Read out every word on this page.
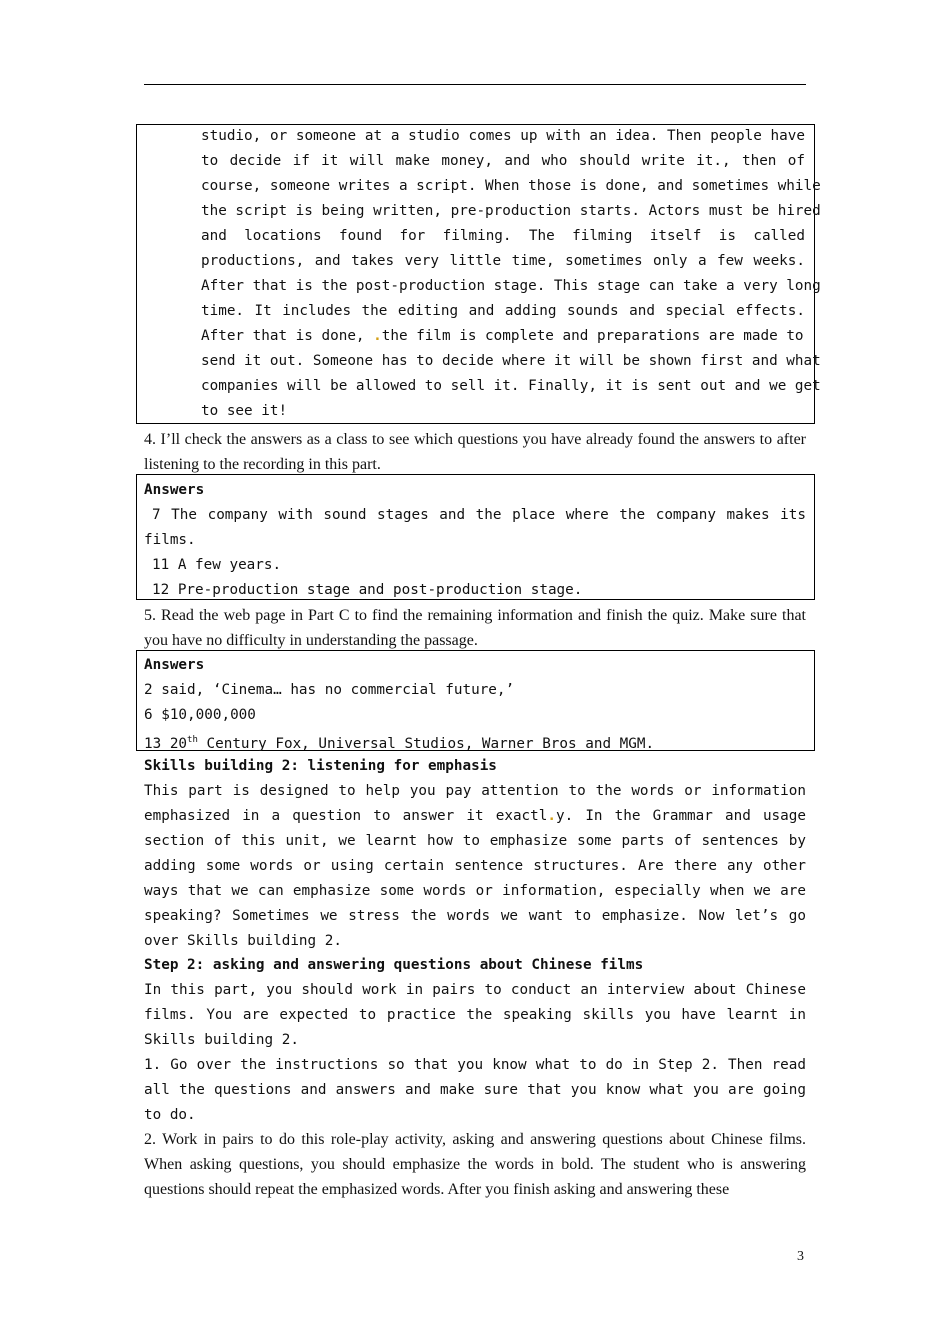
studio, or someone at a studio comes up with an idea. Then people have
to decide if it will make money, and who should write it., then of
course, someone writes a script. When those is done, and sometimes while
the script is being written, pre-production starts. Actors must be hired
and locations found for filming. The filming itself is called
productions, and takes very little time, sometimes only a few weeks.
After that is the post-production stage. This stage can take a very long
time. It includes the editing and adding sounds and special effects.
After that is done, .the film is complete and preparations are made to
send it out. Someone has to decide where it will be shown first and what
companies will be allowed to sell it. Finally, it is sent out and we get
to see it!
4. I’ll check the answers as a class to see which questions you have already found the answers to after listening to the recording in this part.
Answers
7 The company with sound stages and the place where the company makes its films.
11 A few years.
12 Pre-production stage and post-production stage.
5. Read the web page in Part C to find the remaining information and finish the quiz. Make sure that you have no difficulty in understanding the passage.
Answers
2 said, ‘Cinema… has no commercial future,’
6 $10,000,000
13 20th Century Fox, Universal Studios, Warner Bros and MGM.
Skills building 2: listening for emphasis
This part is designed to help you pay attention to the words or information emphasized in a question to answer it exactl.y. In the Grammar and usage section of this unit, we learnt how to emphasize some parts of sentences by adding some words or using certain sentence structures. Are there any other ways that we can emphasize some words or information, especially when we are speaking? Sometimes we stress the words we want to emphasize. Now let’s go over Skills building 2.
Step 2: asking and answering questions about Chinese films
In this part, you should work in pairs to conduct an interview about Chinese films. You are expected to practice the speaking skills you have learnt in Skills building 2.
1. Go over the instructions so that you know what to do in Step 2. Then read all the questions and answers and make sure that you know what you are going to do.
2. Work in pairs to do this role-play activity, asking and answering questions about Chinese films. When asking questions, you should emphasize the words in bold. The student who is answering questions should repeat the emphasized words. After you finish asking and answering these
3
